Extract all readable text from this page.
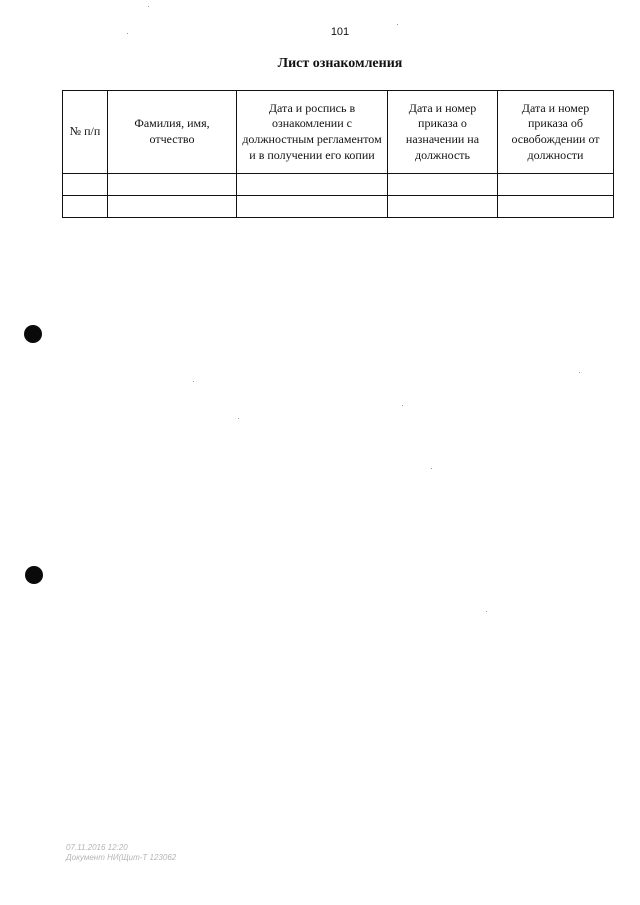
101
Лист ознакомления
№ п/п	Фамилия, имя, отчество	Дата и роспись в ознакомлении с должностным регламентом и в получении его копии	Дата и номер приказа о назначении на должность	Дата и номер приказа об освобождении от должности

07.11.2016 12:20
Документ НИ(Щит-Т 123062
